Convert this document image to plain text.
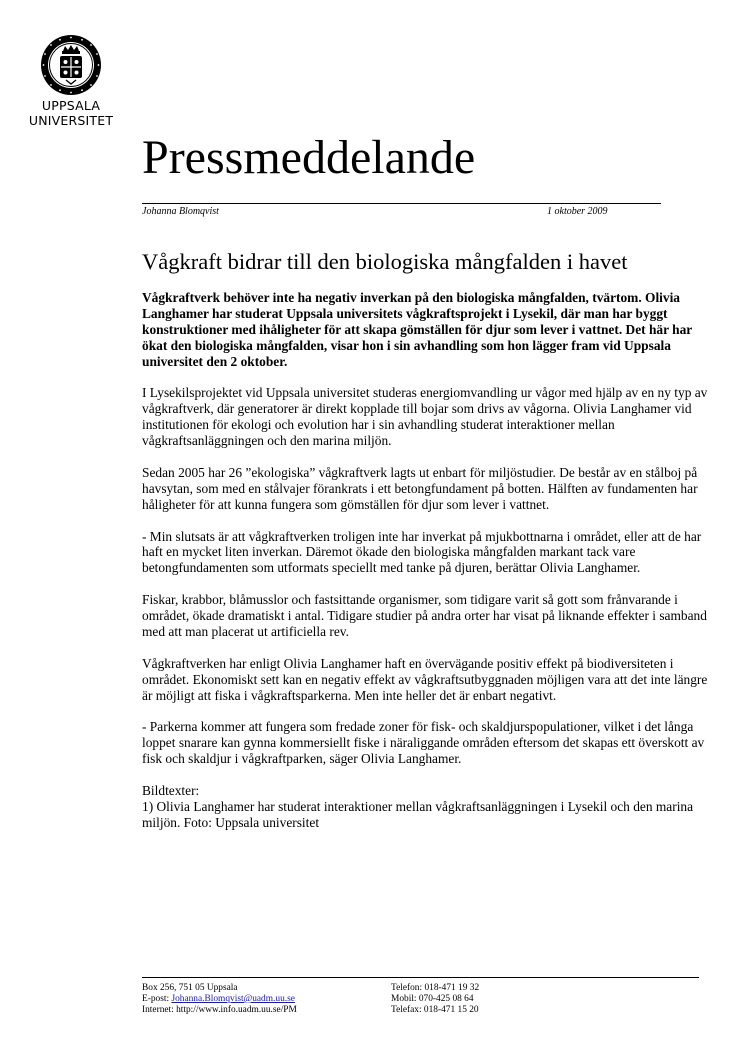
UPPSALA
UNIVERSITET
Pressmeddelande
Johanna Blomqvist	1 oktober 2009
Vågkraft bidrar till den biologiska mångfalden i havet

Vågkraftverk behöver inte ha negativ inverkan på den biologiska mångfalden, tvärtom. Olivia Langhamer har studerat Uppsala universitets vågkraftsprojekt i Lysekil, där man har byggt konstruktioner med ihåligheter för att skapa gömställen för djur som lever i vattnet. Det här har ökat den biologiska mångfalden, visar hon i sin avhandling som hon lägger fram vid Uppsala universitet den 2 oktober.

I Lysekilsprojektet vid Uppsala universitet studeras energiomvandling ur vågor med hjälp av en ny typ av vågkraftverk, där generatorer är direkt kopplade till bojar som drivs av vågorna. Olivia Langhamer vid institutionen för ekologi och evolution har i sin avhandling studerat interaktioner mellan vågkraftsanläggningen och den marina miljön.

Sedan 2005 har 26 ”ekologiska” vågkraftverk lagts ut enbart för miljöstudier. De består av en stålboj på havsytan, som med en stålvajer förankrats i ett betongfundament på botten. Hälften av fundamenten har håligheter för att kunna fungera som gömställen för djur som lever i vattnet.

- Min slutsats är att vågkraftverken troligen inte har inverkat på mjukbottnarna i området, eller att de har haft en mycket liten inverkan. Däremot ökade den biologiska mångfalden markant tack vare betongfundamenten som utformats speciellt med tanke på djuren, berättar Olivia Langhamer.

Fiskar, krabbor, blåmusslor och fastsittande organismer, som tidigare varit så gott som frånvarande i området, ökade dramatiskt i antal. Tidigare studier på andra orter har visat på liknande effekter i samband med att man placerat ut artificiella rev.

Vågkraftverken har enligt Olivia Langhamer haft en övervägande positiv effekt på biodiversiteten i området. Ekonomiskt sett kan en negativ effekt av vågkraftsutbyggnaden möjligen vara att det inte längre är möjligt att fiska i vågkraftsparkerna. Men inte heller det är enbart negativt.

- Parkerna kommer att fungera som fredade zoner för fisk- och skaldjurspopulationer, vilket i det långa loppet snarare kan gynna kommersiellt fiske i näraliggande områden eftersom det skapas ett överskott av fisk och skaldjur i vågkraftparken, säger Olivia Langhamer.

Bildtexter:

1) Olivia Langhamer har studerat interaktioner mellan vågkraftsanläggningen i Lysekil och den marina miljön. Foto: Uppsala universitet

Box 256, 751 05 Uppsala
E-post: Johanna.Blomqvist@uadm.uu.se
Internet: http://www.info.uadm.uu.se/PM
Telefon: 018-471 19 32
Mobil: 070-425 08 64
Telefax: 018-471 15 20
